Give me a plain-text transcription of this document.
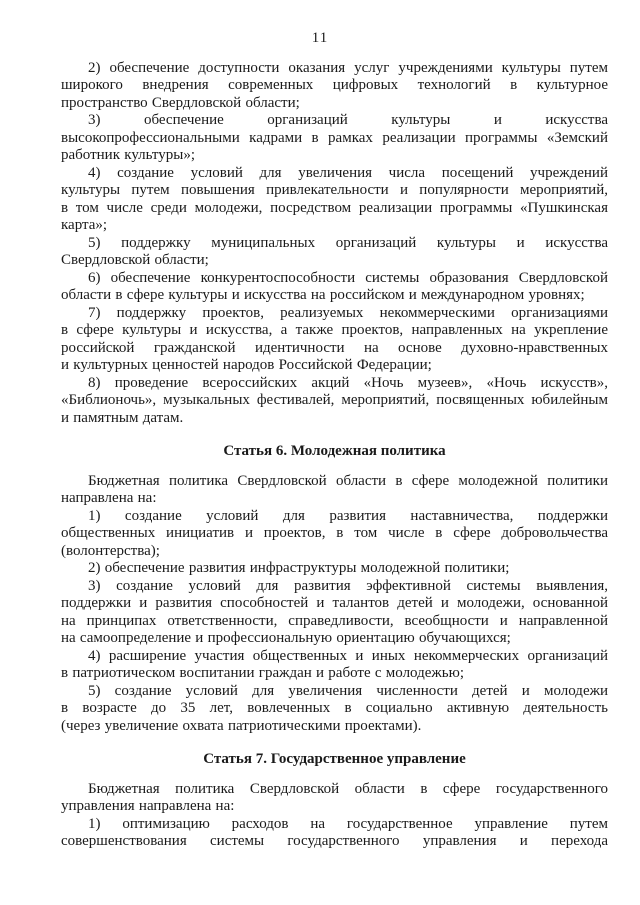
11
2) обеспечение доступности оказания услуг учреждениями культуры путем
широкого внедрения современных цифровых технологий в культурное
пространство Свердловской области;
3) обеспечение организаций культуры и искусства
высокопрофессиональными кадрами в рамках реализации программы «Земский
работник культуры»;
4) создание условий для увеличения числа посещений учреждений
культуры путем повышения привлекательности и популярности мероприятий,
в том числе среди молодежи, посредством реализации программы «Пушкинская
карта»;
5) поддержку муниципальных организаций культуры и искусства
Свердловской области;
6) обеспечение конкурентоспособности системы образования Свердловской
области в сфере культуры и искусства на российском и международном уровнях;
7) поддержку проектов, реализуемых некоммерческими организациями
в сфере культуры и искусства, а также проектов, направленных на укрепление
российской гражданской идентичности на основе духовно-нравственных
и культурных ценностей народов Российской Федерации;
8) проведение всероссийских акций «Ночь музеев», «Ночь искусств»,
«Библионочь», музыкальных фестивалей, мероприятий, посвященных юбилейным
и памятным датам.
Статья 6. Молодежная политика
Бюджетная политика Свердловской области в сфере молодежной политики
направлена на:
1) создание условий для развития наставничества, поддержки
общественных инициатив и проектов, в том числе в сфере добровольчества
(волонтерства);
2) обеспечение развития инфраструктуры молодежной политики;
3) создание условий для развития эффективной системы выявления,
поддержки и развития способностей и талантов детей и молодежи, основанной
на принципах ответственности, справедливости, всеобщности и направленной
на самоопределение и профессиональную ориентацию обучающихся;
4) расширение участия общественных и иных некоммерческих организаций
в патриотическом воспитании граждан и работе с молодежью;
5) создание условий для увеличения численности детей и молодежи
в возрасте до 35 лет, вовлеченных в социально активную деятельность
(через увеличение охвата патриотическими проектами).
Статья 7. Государственное управление
Бюджетная политика Свердловской области в сфере государственного
управления направлена на:
1) оптимизацию расходов на государственное управление путем
совершенствования системы государственного управления и перехода
